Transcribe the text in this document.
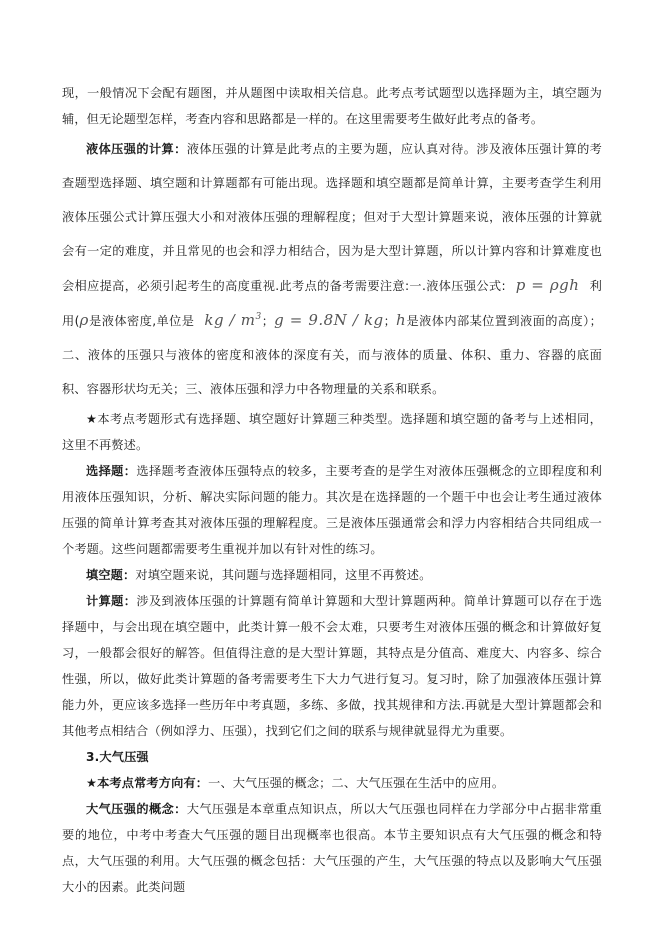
现，一般情况下会配有题图，并从题图中读取相关信息。此考点考试题型以选择题为主，填空题为辅，但无论题型怎样，考查内容和思路都是一样的。在这里需要考生做好此考点的备考。

液体压强的计算：液体压强的计算是此考点的主要为题，应认真对待。涉及液体压强计算的考查题型选择题、填空题和计算题都有可能出现。选择题和填空题都是简单计算，主要考查学生利用液体压强公式计算压强大小和对液体压强的理解程度；但对于大型计算题来说，液体压强的计算就会有一定的难度，并且常见的也会和浮力相结合，因为是大型计算题，所以计算内容和计算难度也会相应提高，必须引起考生的高度重视.此考点的备考需要注意:一.液体压强公式: p = ρgh 利用(ρ是液体密度,单位是 kg / $m^3$；g = 9.8N / kg；h是液体内部某位置到液面的高度）；二、液体的压强只与液体的密度和液体的深度有关，而与液体的质量、体积、重力、容器的底面积、容器形状均无关；三、液体压强和浮力中各物理量的关系和联系。

★本考点考题形式有选择题、填空题好计算题三种类型。选择题和填空题的备考与上述相同，这里不再赘述。

选择题：选择题考查液体压强特点的较多，主要考查的是学生对液体压强概念的立即程度和利用液体压强知识，分析、解决实际问题的能力。其次是在选择题的一个题干中也会让考生通过液体压强的简单计算考查其对液体压强的理解程度。三是液体压强通常会和浮力内容相结合共同组成一个考题。这些问题都需要考生重视并加以有针对性的练习。

填空题：对填空题来说，其问题与选择题相同，这里不再赘述。

计算题：涉及到液体压强的计算题有简单计算题和大型计算题两种。简单计算题可以存在于选择题中，与会出现在填空题中，此类计算一般不会太难，只要考生对液体压强的概念和计算做好复习，一般都会很好的解答。但值得注意的是大型计算题，其特点是分值高、难度大、内容多、综合性强，所以，做好此类计算题的备考需要考生下大力气进行复习。复习时，除了加强液体压强计算能力外，更应该多选择一些历年中考真题，多练、多做，找其规律和方法.再就是大型计算题都会和其他考点相结合（例如浮力、压强），找到它们之间的联系与规律就显得尤为重要。

3.大气压强

★本考点常考方向有：一、大气压强的概念；二、大气压强在生活中的应用。

大气压强的概念：大气压强是本章重点知识点，所以大气压强也同样在力学部分中占据非常重要的地位，中考中考查大气压强的题目出现概率也很高。本节主要知识点有大气压强的概念和特点，大气压强的利用。大气压强的概念包括：大气压强的产生，大气压强的特点以及影响大气压强大小的因素。此类问题
